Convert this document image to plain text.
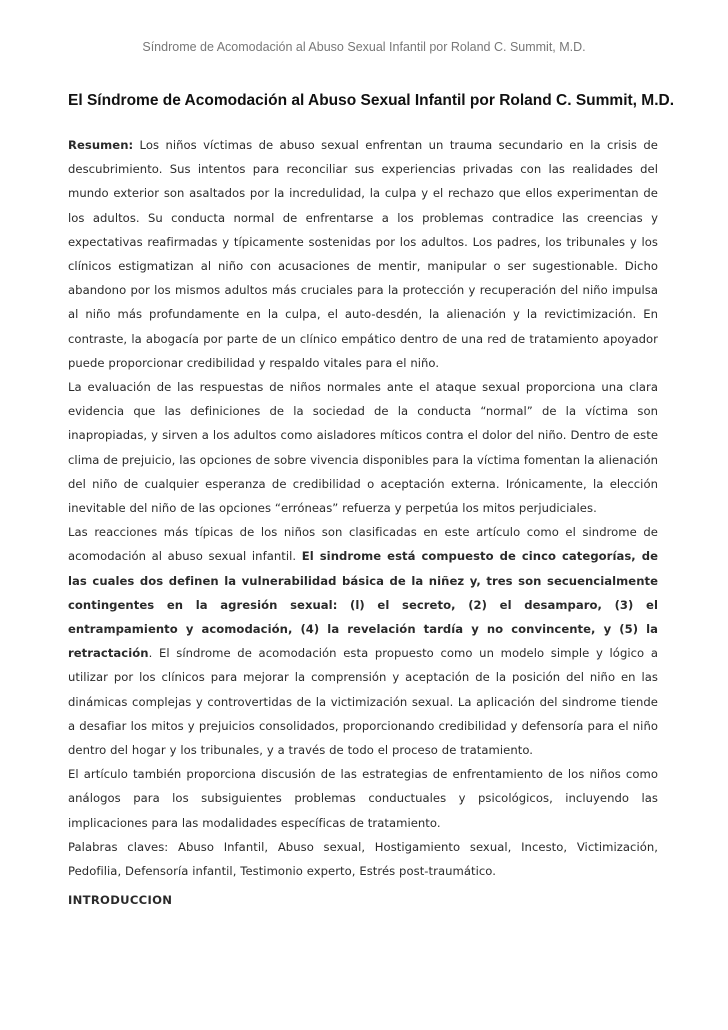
Síndrome de Acomodación al Abuso Sexual Infantil por Roland C. Summit, M.D.
El Síndrome de Acomodación al Abuso Sexual Infantil por Roland C. Summit, M.D.

Resumen: Los niños víctimas de abuso sexual enfrentan un trauma secundario en la crisis de descubrimiento. Sus intentos para reconciliar sus experiencias privadas con las realidades del mundo exterior son asaltados por la incredulidad, la culpa y el rechazo que ellos experimentan de los adultos. Su conducta normal de enfrentarse a los problemas contradice las creencias y expectativas reafirmadas y típicamente sostenidas por los adultos. Los padres, los tribunales y los clínicos estigmatizan al niño con acusaciones de mentir, manipular o ser sugestionable. Dicho abandono por los mismos adultos más cruciales para la protección y recuperación del niño impulsa al niño más profundamente en la culpa, el auto-desdén, la alienación y la revictimización. En contraste, la abogacía por parte de un clínico empático dentro de una red de tratamiento apoyador puede proporcionar credibilidad y respaldo vitales para el niño.

La evaluación de las respuestas de niños normales ante el ataque sexual proporciona una clara evidencia que las definiciones de la sociedad de la conducta “normal” de la víctima son inapropiadas, y sirven a los adultos como aisladores míticos contra el dolor del niño. Dentro de este clima de prejuicio, las opciones de sobre vivencia disponibles para la víctima fomentan la alienación del niño de cualquier esperanza de credibilidad o aceptación externa. Irónicamente, la elección inevitable del niño de las opciones “erróneas” refuerza y perpetúa los mitos perjudiciales.

Las reacciones más típicas de los niños son clasificadas en este artículo como el sindrome de acomodación al abuso sexual infantil. El sindrome está compuesto de cinco categorías, de las cuales dos definen la vulnerabilidad básica de la niñez y, tres son secuencialmente contingentes en la agresión sexual: (l) el secreto, (2) el desamparo, (3) el entrampamiento y acomodación, (4) la revelación tardía y no convincente, y (5) la retractación. El síndrome de acomodación esta propuesto como un modelo simple y lógico a utilizar por los clínicos para mejorar la comprensión y aceptación de la posición del niño en las dinámicas complejas y controvertidas de la victimización sexual. La aplicación del sindrome tiende a desafiar los mitos y prejuicios consolidados, proporcionando credibilidad y defensoría para el niño dentro del hogar y los tribunales, y a través de todo el proceso de tratamiento.

El artículo también proporciona discusión de las estrategias de enfrentamiento de los niños como análogos para los subsiguientes problemas conductuales y psicológicos, incluyendo las implicaciones para las modalidades específicas de tratamiento.

Palabras claves: Abuso Infantil, Abuso sexual, Hostigamiento sexual, Incesto, Victimización, Pedofilia, Defensoría infantil, Testimonio experto, Estrés post-traumático.

INTRODUCCION
